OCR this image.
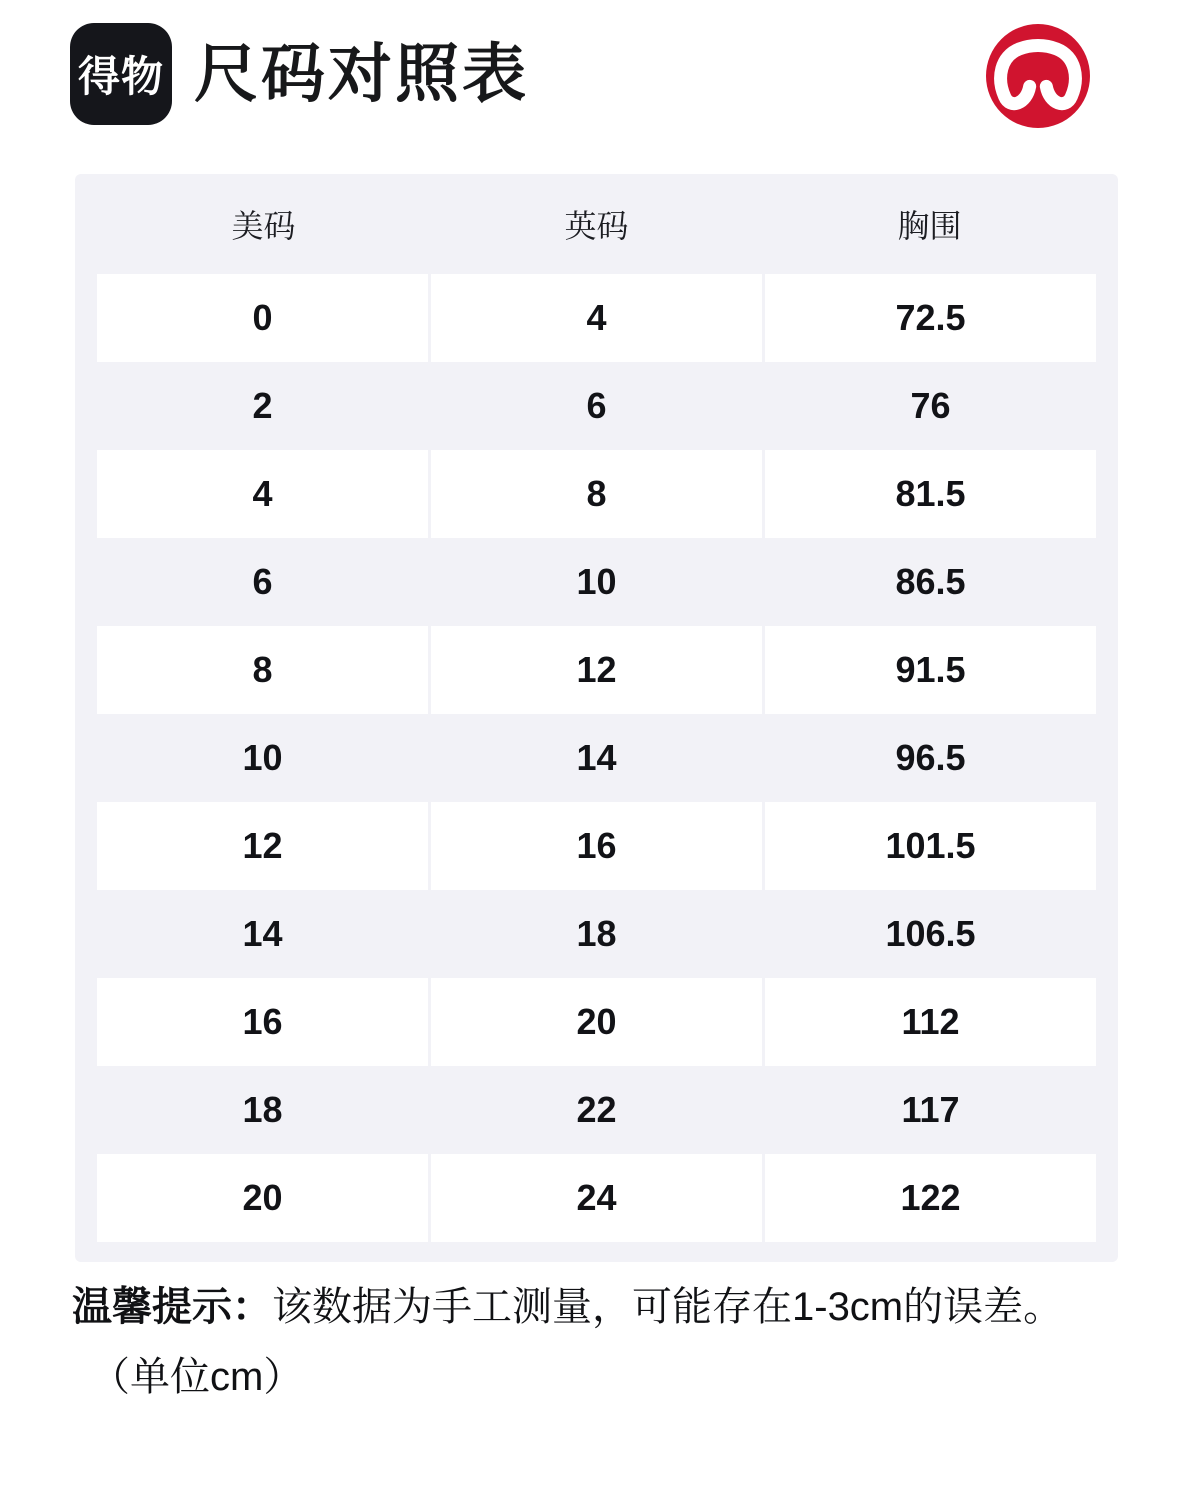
得物 尺码对照表
美码	英码	胸围
0	4	72.5
2	6	76
4	8	81.5
6	10	86.5
8	12	91.5
10	14	96.5
12	16	101.5
14	18	106.5
16	20	112
18	22	117
20	24	122
温馨提示：该数据为手工测量，可能存在1-3cm的误差。
（单位cm）
